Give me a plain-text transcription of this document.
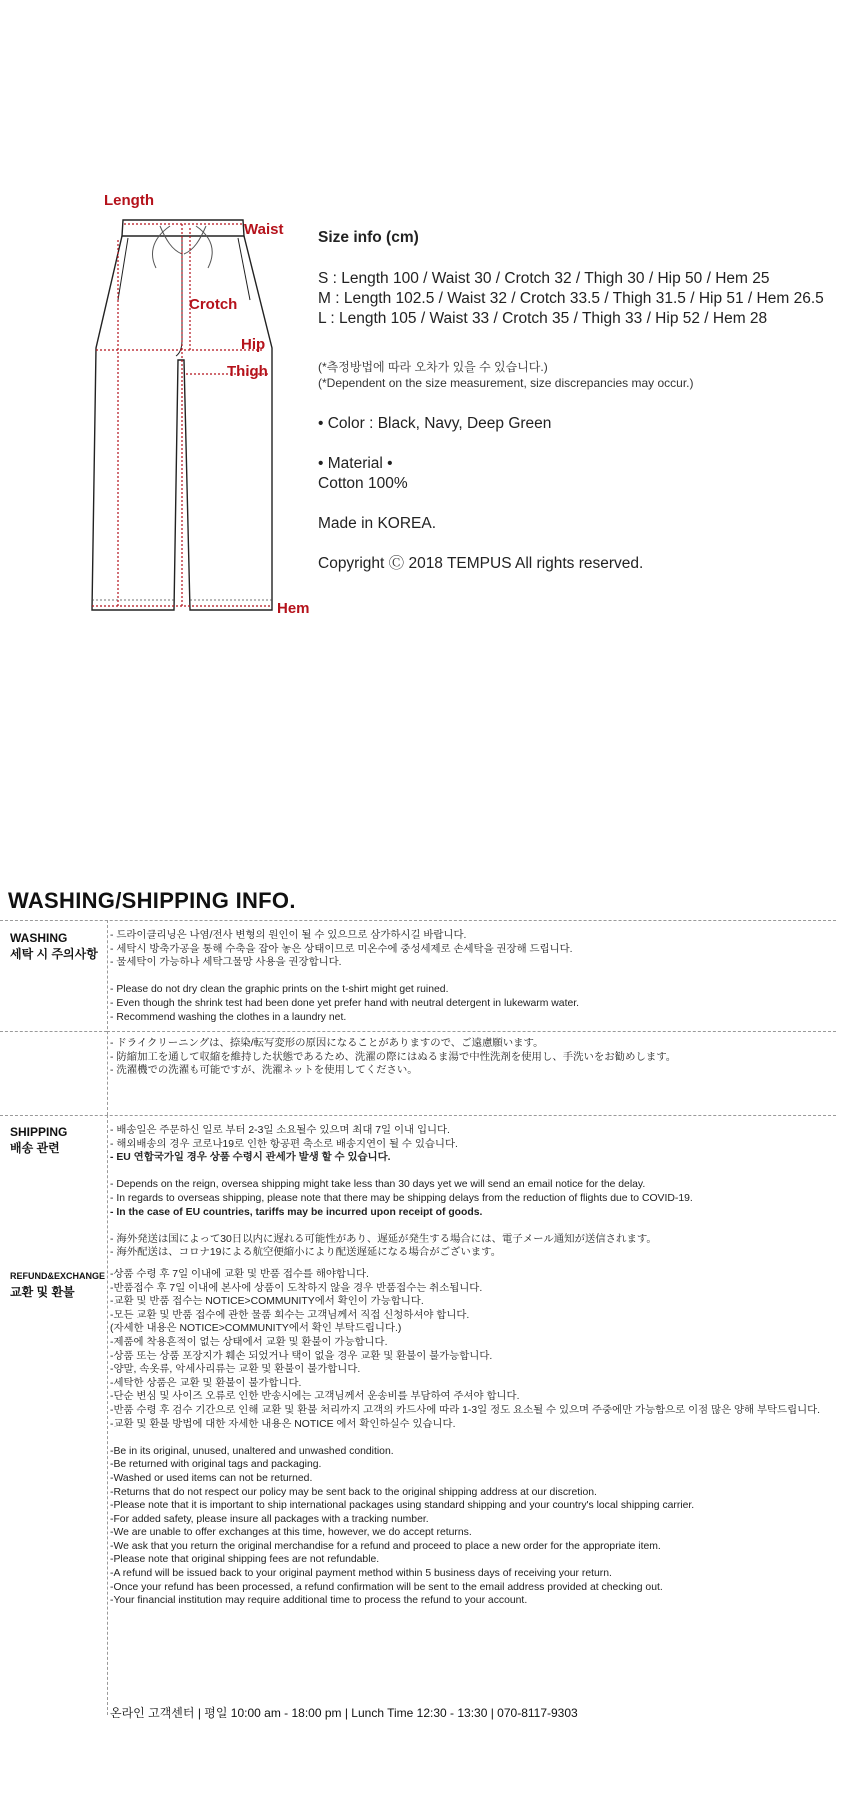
Length
Waist
Crotch
Hip
Thigh
Hem
Size info (cm)
S : Length 100 / Waist 30 / Crotch 32 / Thigh 30 / Hip 50 / Hem 25
M : Length 102.5 / Waist 32 / Crotch 33.5 / Thigh 31.5 / Hip 51 / Hem 26.5
L : Length 105 / Waist 33 / Crotch 35 / Thigh 33 / Hip 52 / Hem 28
(*측정방법에 따라 오차가 있을 수 있습니다.)
(*Dependent on the size measurement, size discrepancies may occur.)
• Color : Black, Navy, Deep Green
• Material •
Cotton 100%
Made in KOREA.
Copyright Ⓒ 2018 TEMPUS All rights reserved.
WASHING/SHIPPING INFO.
WASHING
세탁 시 주의사항
- 드라이클리닝은 나염/전사 변형의 원인이 될 수 있으므로 삼가하시길 바랍니다.
- 세탁시 방축가공을 통해 수축을 잡아 놓은 상태이므로 미온수에 중성세제로 손세탁을 권장해 드립니다.
- 물세탁이 가능하나 세탁그물망 사용을 권장합니다.
- Please do not dry clean the graphic prints on the t-shirt might get ruined.
- Even though the shrink test had been done yet prefer hand with neutral detergent in lukewarm water.
- Recommend washing the clothes in a laundry net.
- ドライクリーニングは、捺染/転写変形の原因になることがありますので、ご遠慮願います。
- 防縮加工を通して収縮を維持した状態であるため、洗濯の際にはぬるま湯で中性洗剤を使用し、手洗いをお勧めします。
- 洗濯機での洗濯も可能ですが、洗濯ネットを使用してください。
SHIPPING
배송 관련
- 배송일은 주문하신 일로 부터 2-3일 소요될수 있으며 최대 7일 이내 입니다.
- 해외배송의 경우 코로나19로 인한 항공편 축소로 배송지연이 될 수 있습니다.
- EU 연합국가일 경우 상품 수령시 관세가 발생 할 수 있습니다.
- Depends on the reign, oversea shipping might take less than 30 days yet we will send an email notice for the delay.
- In regards to overseas shipping, please note that there may be shipping delays from the reduction of flights due to COVID-19.
- In the case of EU countries, tariffs may be incurred upon receipt of goods.
- 海外発送は国によって30日以内に遅れる可能性があり、遅延が発生する場合には、電子メール通知が送信されます。
- 海外配送は、コロナ19による航空便縮小により配送遅延になる場合がございます。
REFUND&EXCHANGE
교환 및 환불
-상품 수령 후 7일 이내에 교환 및 반품 접수를 해야합니다.
-반품접수 후 7일 이내에 본사에 상품이 도착하지 않을 경우 반품접수는 취소됩니다.
-교환 및 반품 접수는 NOTICE>COMMUNITY에서 확인이 가능합니다.
-모든 교환 및 반품 접수에 관한 물품 회수는 고객님께서 직접 신청하셔야 합니다.
(자세한 내용은 NOTICE>COMMUNITY에서 확인 부탁드립니다.)
-제품에 착용흔적이 없는 상태에서 교환 및 환불이 가능합니다.
-상품 또는 상품 포장지가 훼손 되었거나 택이 없을 경우 교환 및 환불이 불가능합니다.
-양말, 속옷류, 악세사리류는 교환 및 환불이 불가합니다.
-세탁한 상품은 교환 및 환불이 불가합니다.
-단순 변심 및 사이즈 오류로 인한 반송시에는 고객님께서 운송비를 부담하여 주셔야 합니다.
-반품 수령 후 검수 기간으로 인해 교환 및 환불 처리까지 고객의 카드사에 따라 1-3일 정도 요소될 수 있으며 주중에만 가능함으로 이점 많은 양해 부탁드립니다.
-교환 및 환불 방법에 대한 자세한 내용은 NOTICE 에서 확인하실수 있습니다.
-Be in its original, unused, unaltered and unwashed condition.
-Be returned with original tags and packaging.
-Washed or used items can not be returned.
-Returns that do not respect our policy may be sent back to the original shipping address at our discretion.
-Please note that it is important to ship international packages using standard shipping and your country's local shipping carrier.
-For added safety, please insure all packages with a tracking number.
-We are unable to offer exchanges at this time, however, we do accept returns.
-We ask that you return the original merchandise for a refund and proceed to place a new order for the appropriate item.
-Please note that original shipping fees are not refundable.
-A refund will be issued back to your original payment method within 5 business days of receiving your return.
-Once your refund has been processed, a refund confirmation will be sent to the email address provided at checking out.
-Your financial institution may require additional time to process the refund to your account.
온라인 고객센터 | 평일 10:00 am - 18:00 pm | Lunch Time 12:30 - 13:30 | 070-8117-9303
